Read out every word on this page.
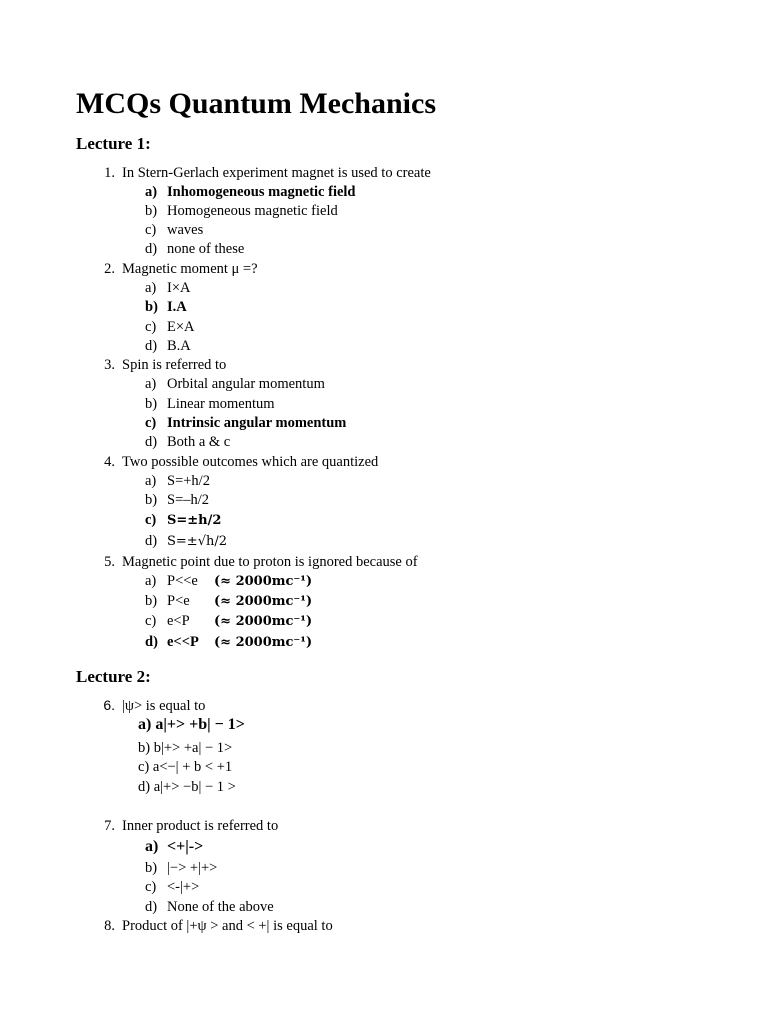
MCQs Quantum Mechanics
Lecture 1:
1. In Stern-Gerlach experiment magnet is used to create
a) Inhomogeneous magnetic field
b) Homogeneous magnetic field
c) waves
d) none of these
2. Magnetic moment μ =?
a) I×A
b) I.A
c) E×A
d) B.A
3. Spin is referred to
a) Orbital angular momentum
b) Linear momentum
c) Intrinsic angular momentum
d) Both a & c
4. Two possible outcomes which are quantized
a) S=+h/2
b) S=–h/2
c) S=±h/2
d) S=±√h/2
5. Magnetic point due to proton is ignored because of
a) P<<e (≈ 2000mc⁻¹)
b) P<e (≈ 2000mc⁻¹)
c) e<P (≈ 2000mc⁻¹)
d) e<<P (≈ 2000mc⁻¹)
Lecture 2:
6. |ψ> is equal to
a) a|+> +b| − 1>
b) b|+> +a| − 1>
c) a<−| + b < +1
d) a|+> −b| − 1 >
7. Inner product is referred to
a) <+|->
b) |−> +|+>
c) <-|+>
d) None of the above
8. Product of |+ψ > and < +| is equal to
